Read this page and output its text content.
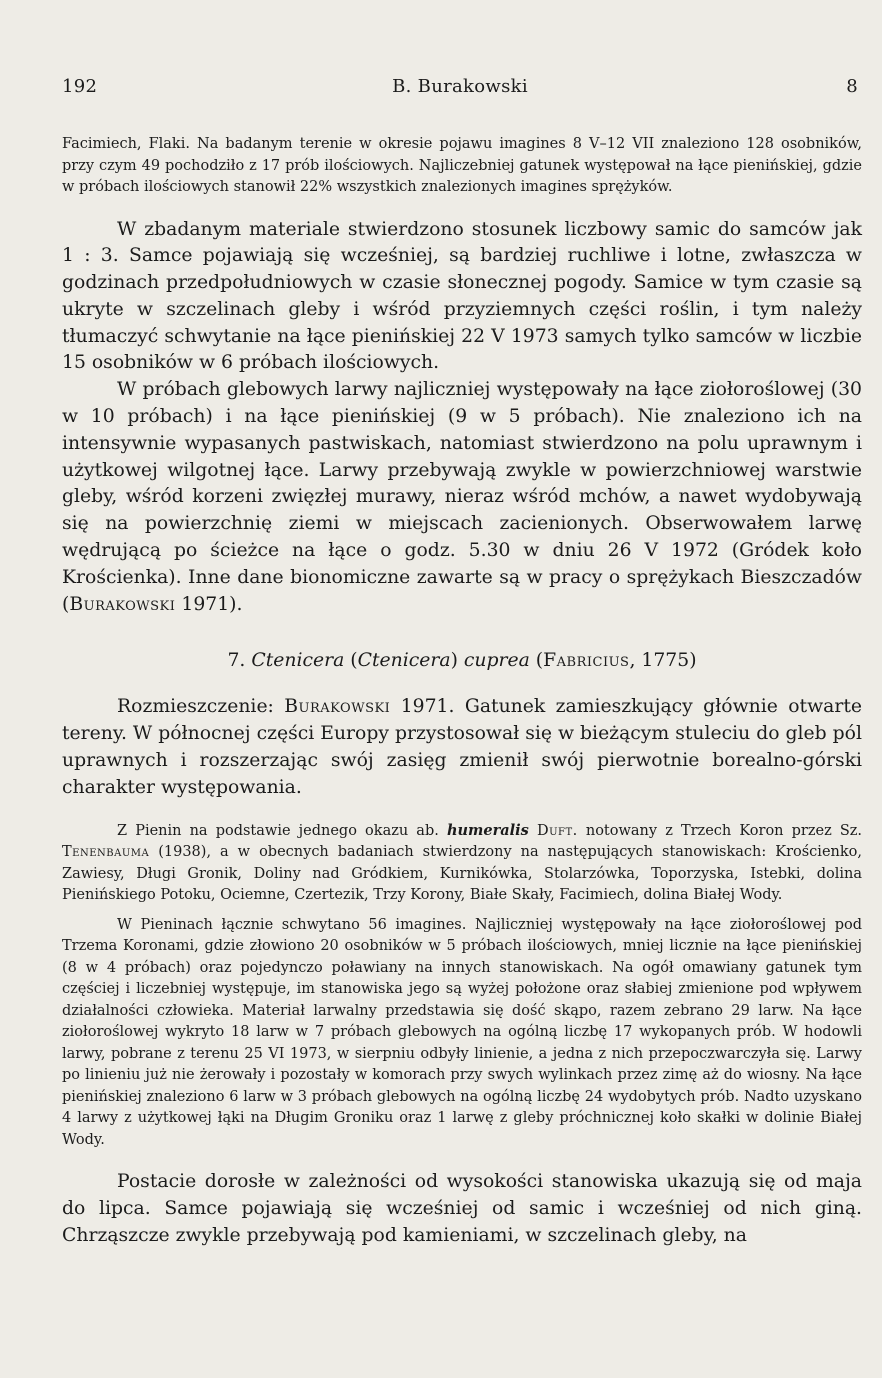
192	B. Burakowski	8

Facimiech, Flaki. Na badanym terenie w okresie pojawu imagines 8 V–12 VII znaleziono 128 osobników, przy czym 49 pochodziło z 17 prób ilościowych. Najliczebniej gatunek występował na łące pienińskiej, gdzie w próbach ilościowych stanowił 22% wszystkich znalezionych imagines sprężyków.

W zbadanym materiale stwierdzono stosunek liczbowy samic do samców jak 1 : 3. Samce pojawiają się wcześniej, są bardziej ruchliwe i lotne, zwłaszcza w godzinach przedpołudniowych w czasie słonecznej pogody. Samice w tym czasie są ukryte w szczelinach gleby i wśród przyziemnych części roślin, i tym należy tłumaczyć schwytanie na łące pienińskiej 22 V 1973 samych tylko samców w liczbie 15 osobników w 6 próbach ilościowych.

W próbach glebowych larwy najliczniej występowały na łące ziołoroślowej (30 w 10 próbach) i na łące pienińskiej (9 w 5 próbach). Nie znaleziono ich na intensywnie wypasanych pastwiskach, natomiast stwierdzono na polu uprawnym i użytkowej wilgotnej łące. Larwy przebywają zwykle w powierzchniowej warstwie gleby, wśród korzeni zwięzłej murawy, nieraz wśród mchów, a nawet wydobywają się na powierzchnię ziemi w miejscach zacienionych. Obserwowałem larwę wędrującą po ścieżce na łące o godz. 5.30 w dniu 26 V 1972 (Gródek koło Krościenka). Inne dane bionomiczne zawarte są w pracy o sprężykach Bieszczadów (Burakowski 1971).

7. Ctenicera (Ctenicera) cuprea (Fabricius, 1775)

Rozmieszczenie: Burakowski 1971. Gatunek zamieszkujący głównie otwarte tereny. W północnej części Europy przystosował się w bieżącym stuleciu do gleb pól uprawnych i rozszerzając swój zasięg zmienił swój pierwotnie borealno-górski charakter występowania.

Z Pienin na podstawie jednego okazu ab. humeralis Duft. notowany z Trzech Koron przez Sz. Tenenbauma (1938), a w obecnych badaniach stwierdzony na następujących stanowiskach: Krościenko, Zawiesy, Długi Gronik, Doliny nad Gródkiem, Kurnikówka, Stolarzówka, Toporzyska, Istebki, dolina Pienińskiego Potoku, Ociemne, Czertezik, Trzy Korony, Białe Skały, Facimiech, dolina Białej Wody.

W Pieninach łącznie schwytano 56 imagines. Najliczniej występowały na łące ziołoroślowej pod Trzema Koronami, gdzie złowiono 20 osobników w 5 próbach ilościowych, mniej licznie na łące pienińskiej (8 w 4 próbach) oraz pojedynczo poławiany na innych stanowiskach. Na ogół omawiany gatunek tym częściej i liczebniej występuje, im stanowiska jego są wyżej położone oraz słabiej zmienione pod wpływem działalności człowieka. Materiał larwalny przedstawia się dość skąpo, razem zebrano 29 larw. Na łące ziołoroślowej wykryto 18 larw w 7 próbach glebowych na ogólną liczbę 17 wykopanych prób. W hodowli larwy, pobrane z terenu 25 VI 1973, w sierpniu odbyły linienie, a jedna z nich przepoczwarczyła się. Larwy po linieniu już nie żerowały i pozostały w komorach przy swych wylinkach przez zimę aż do wiosny. Na łące pienińskiej znaleziono 6 larw w 3 próbach glebowych na ogólną liczbę 24 wydobytych prób. Nadto uzyskano 4 larwy z użytkowej łąki na Długim Groniku oraz 1 larwę z gleby próchnicznej koło skałki w dolinie Białej Wody.

Postacie dorosłe w zależności od wysokości stanowiska ukazują się od maja do lipca. Samce pojawiają się wcześniej od samic i wcześniej od nich giną. Chrząszcze zwykle przebywają pod kamieniami, w szczelinach gleby, na
